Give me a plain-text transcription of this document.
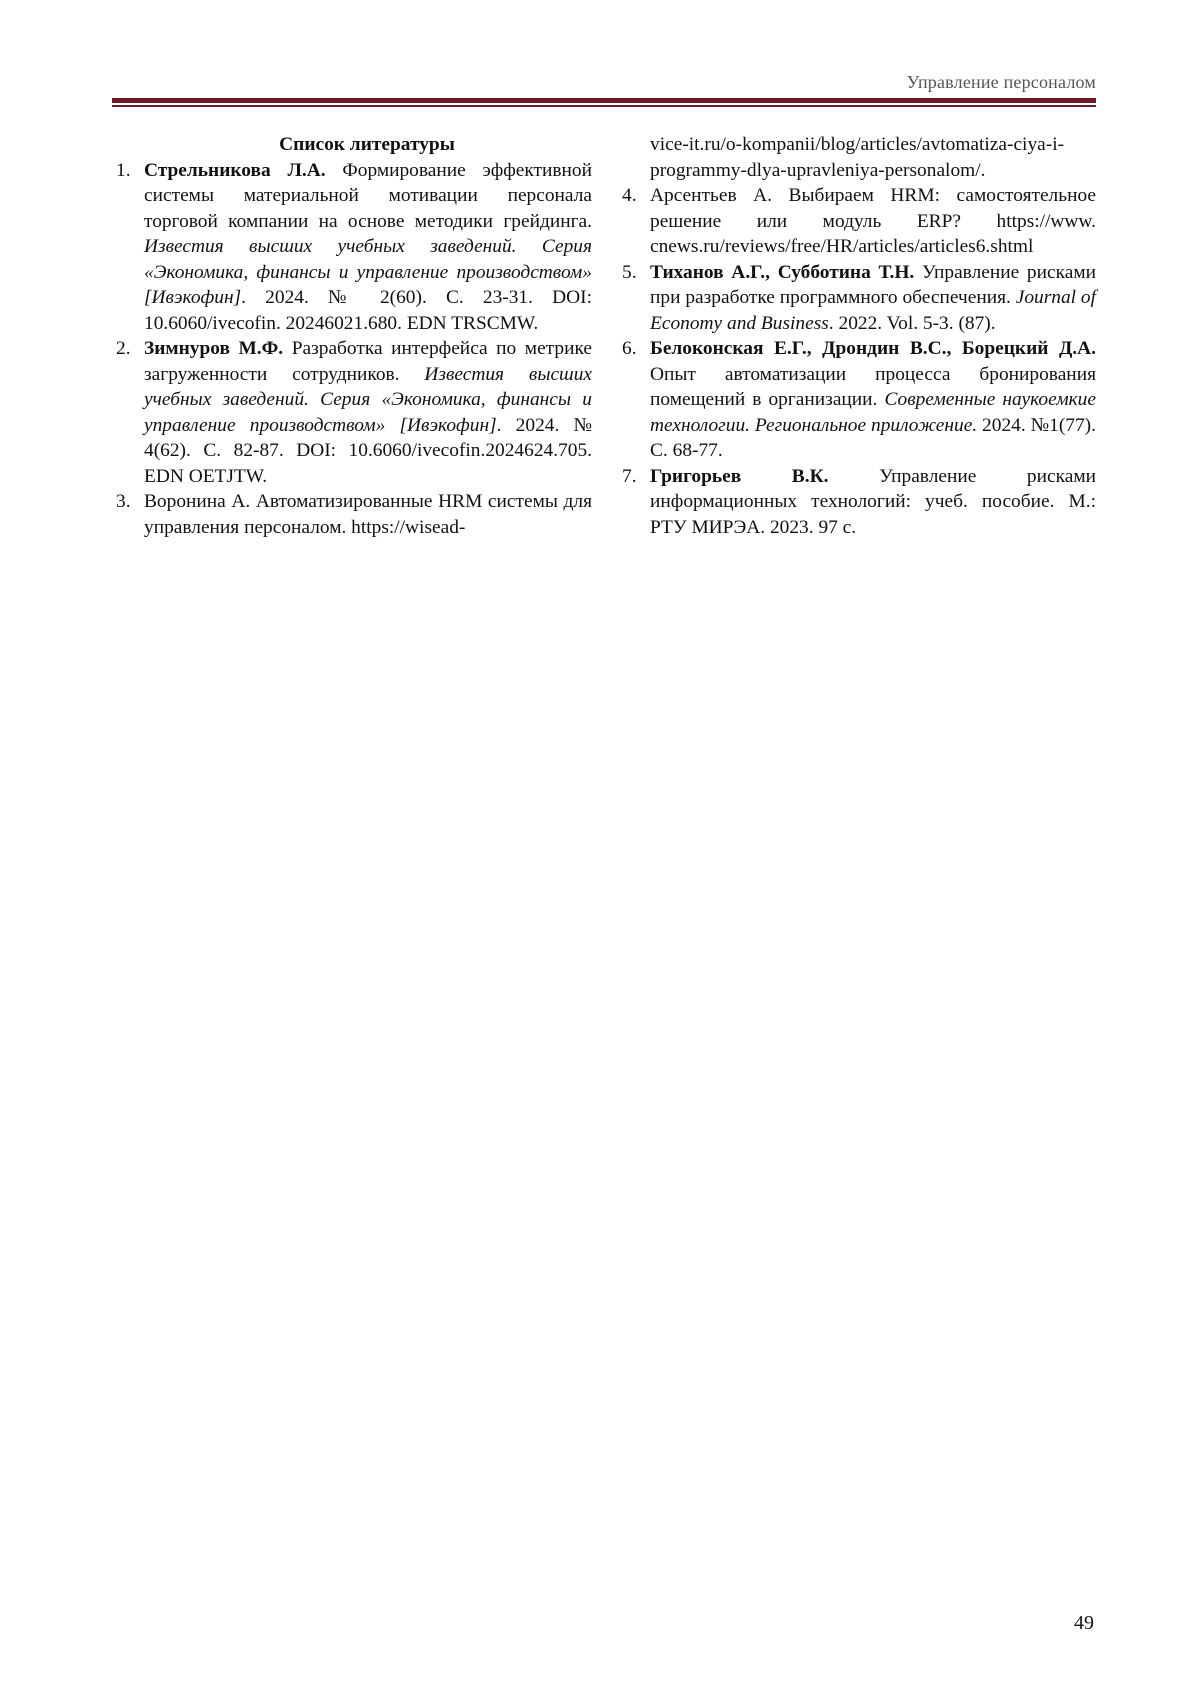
Управление персоналом

Список литературы

1. Стрельникова Л.А. Формирование эффективной системы материальной мотивации персонала торговой компании на основе методики грейдинга. Известия высших учебных заведений. Серия «Экономика, финансы и управление производством» [Ивэкофин]. 2024. № 2(60). С. 23-31. DOI: 10.6060/ivecofin. 20246021.680. EDN TRSCMW.

2. Зимнуров М.Ф. Разработка интерфейса по метрике загруженности сотрудников. Известия высших учебных заведений. Серия «Экономика, финансы и управление производством» [Ивэкофин]. 2024. № 4(62). С. 82-87. DOI: 10.6060/ivecofin.2024624.705. EDN OETJTW.

3. Воронина А. Автоматизированные HRM системы для управления персоналом. https://wisead-

vice-it.ru/o-kompanii/blog/articles/avtomatiza-ciya-i-programmy-dlya-upravleniya-personalom/.

4. Арсентьев А. Выбираем HRM: самостоятельное решение или модуль ERP? https://www. cnews.ru/reviews/free/HR/articles/articles6.shtml

5. Тиханов А.Г., Субботина Т.Н. Управление рисками при разработке программного обеспечения. Journal of Economy and Business. 2022. Vol. 5-3. (87).

6. Белоконская Е.Г., Дрондин В.С., Борецкий Д.А. Опыт автоматизации процесса бронирования помещений в организации. Современные наукоемкие технологии. Региональное приложение. 2024. №1(77). С. 68-77.

7. Григорьев В.К. Управление рисками информационных технологий: учеб. пособие. М.: РТУ МИРЭА. 2023. 97 с.

49
